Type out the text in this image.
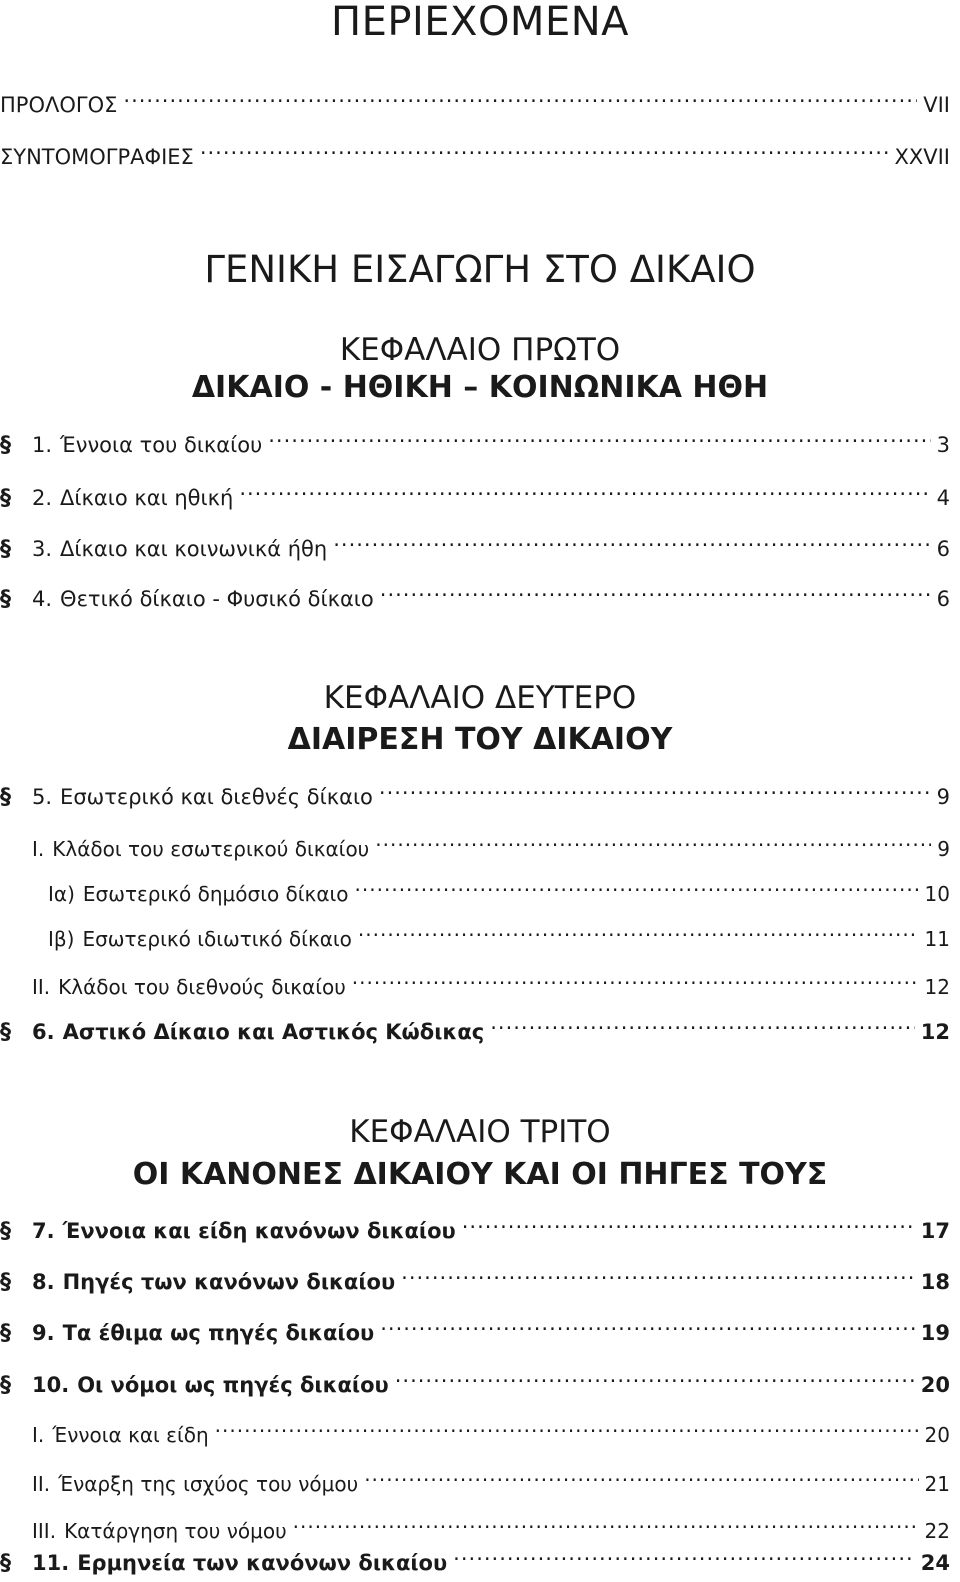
ΠΕΡΙΕΧΟΜΕΝΑ
ΠΡΟΛΟΓΟΣ .....	VII
ΣΥΝΤΟΜΟΓΡΑΦΙΕΣ .....	XXVII
ΓΕΝΙΚΗ ΕΙΣΑΓΩΓΗ ΣΤΟ ΔΙΚΑΙΟ
ΚΕΦΑΛΑΙΟ ΠΡΩΤΟ
ΔΙΚΑΙΟ - ΗΘΙΚΗ – ΚΟΙΝΩΝΙΚΑ ΗΘΗ
§	1. Έννοια του δικαίου .....	3
§	2. Δίκαιο και ηθική .....	4
§	3. Δίκαιο και κοινωνικά ήθη .....	6
§	4. Θετικό δίκαιο - Φυσικό δίκαιο .....	6
ΚΕΦΑΛΑΙΟ ΔΕΥΤΕΡΟ
ΔΙΑΙΡΕΣΗ ΤΟΥ ΔΙΚΑΙΟΥ
§	5. Εσωτερικό και διεθνές δίκαιο .....	9
I. Κλάδοι του εσωτερικού δικαίου .....	9
Iα) Εσωτερικό δημόσιο δίκαιο .....	10
Iβ) Εσωτερικό ιδιωτικό δίκαιο .....	11
II. Κλάδοι του διεθνούς δικαίου .....	12
§	6. Αστικό Δίκαιο και Αστικός Κώδικας .....	12
ΚΕΦΑΛΑΙΟ ΤΡΙΤΟ
ΟΙ ΚΑΝΟΝΕΣ ΔΙΚΑΙΟΥ ΚΑΙ ΟΙ ΠΗΓΕΣ ΤΟΥΣ
§	7. Έννοια και είδη κανόνων δικαίου .....	17
§	8. Πηγές των κανόνων δικαίου .....	18
§	9. Τα έθιμα ως πηγές δικαίου .....	19
§	10. Οι νόμοι ως πηγές δικαίου .....	20
I. Έννοια και είδη .....	20
II. Έναρξη της ισχύος του νόμου .....	21
III. Κατάργηση του νόμου .....	22
§	11. Ερμηνεία των κανόνων δικαίου .....	24
